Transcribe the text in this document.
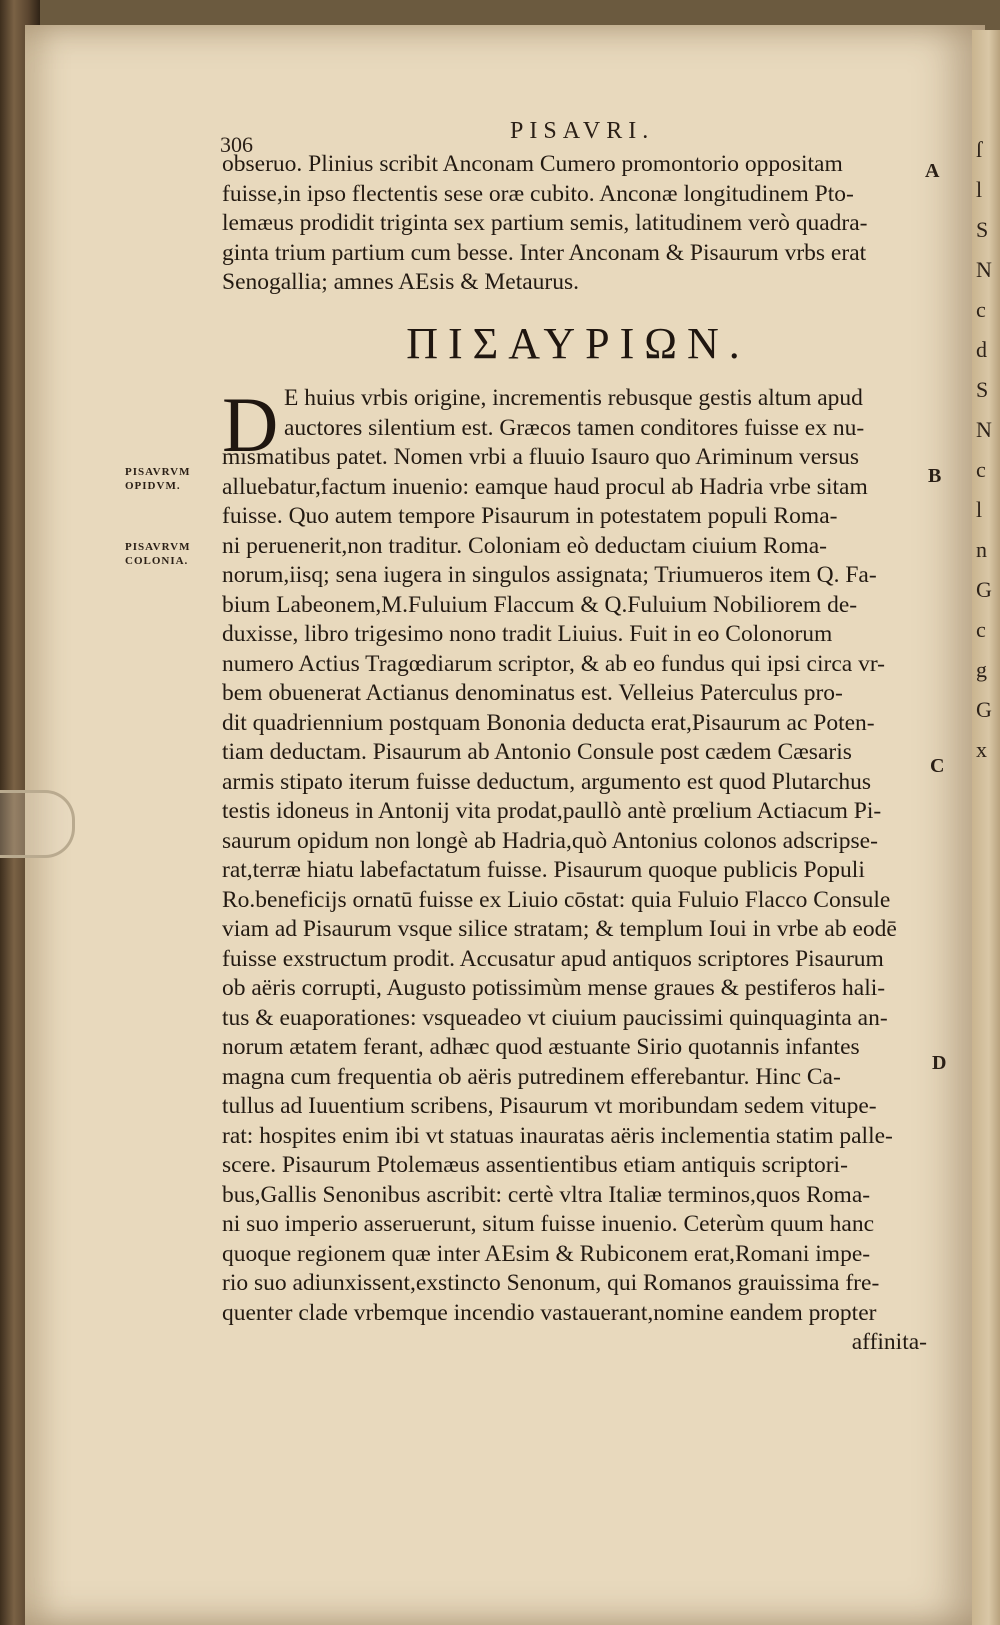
ſ
l
S
N
c
d
S
N
c
l
n
G
c
g
G
x
306
PISAVRI.
obseruo. Plinius scribit Anconam Cumero promontorio oppositam
fuisse,in ipso flectentis sese oræ cubito. Anconæ longitudinem Pto-
lemæus prodidit triginta sex partium semis, latitudinem verò quadra-
ginta trium partium cum besse. Inter Anconam & Pisaurum vrbs erat
Senogallia; amnes AEsis & Metaurus.
ΠΙΣΑΥΡΙΩΝ.
D E huius vrbis origine, incrementis rebusque gestis altum apud
auctores silentium est. Græcos tamen conditores fuisse ex nu-
mismatibus patet. Nomen vrbi a fluuio Isauro quo Ariminum versus
alluebatur,factum inuenio: eamque haud procul ab Hadria vrbe sitam
fuisse. Quo autem tempore Pisaurum in potestatem populi Roma-
ni peruenerit,non traditur. Coloniam eò deductam ciuium Roma-
norum,iisq; sena iugera in singulos assignata; Triumueros item Q. Fa-
bium Labeonem,M.Fuluium Flaccum & Q.Fuluium Nobiliorem de-
duxisse, libro trigesimo nono tradit Liuius. Fuit in eo Colonorum
numero Actius Tragœdiarum scriptor, & ab eo fundus qui ipsi circa vr-
bem obuenerat Actianus denominatus est. Velleius Paterculus pro-
dit quadriennium postquam Bononia deducta erat,Pisaurum ac Poten-
tiam deductam. Pisaurum ab Antonio Consule post cædem Cæsaris
armis stipato iterum fuisse deductum, argumento est quod Plutarchus
testis idoneus in Antonij vita prodat,paullò antè prœlium Actiacum Pi-
saurum opidum non longè ab Hadria,quò Antonius colonos adscripse-
rat,terræ hiatu labefactatum fuisse. Pisaurum quoque publicis Populi
Ro.beneficijs ornatū fuisse ex Liuio cōstat: quia Fuluio Flacco Consule
viam ad Pisaurum vsque silice stratam; & templum Ioui in vrbe ab eodē
fuisse exstructum prodit. Accusatur apud antiquos scriptores Pisaurum
ob aëris corrupti, Augusto potissimùm mense graues & pestiferos hali-
tus & euaporationes: vsqueadeo vt ciuium paucissimi quinquaginta an-
norum ætatem ferant, adhæc quod æstuante Sirio quotannis infantes
magna cum frequentia ob aëris putredinem efferebantur. Hinc Ca-
tullus ad Iuuentium scribens, Pisaurum vt moribundam sedem vitupe-
rat: hospites enim ibi vt statuas inauratas aëris inclementia statim palle-
scere. Pisaurum Ptolemæus assentientibus etiam antiquis scriptori-
bus,Gallis Senonibus ascribit: certè vltra Italiæ terminos,quos Roma-
ni suo imperio asseruerunt, situm fuisse inuenio. Ceterùm quum hanc
quoque regionem quæ inter AEsim & Rubiconem erat,Romani impe-
rio suo adiunxissent,exstincto Senonum, qui Romanos grauissima fre-
quenter clade vrbemque incendio vastauerant,nomine eandem propter
affinita-
PISAVRVM
OPIDVM.
PISAVRVM
COLONIA.
A
B
C
D
